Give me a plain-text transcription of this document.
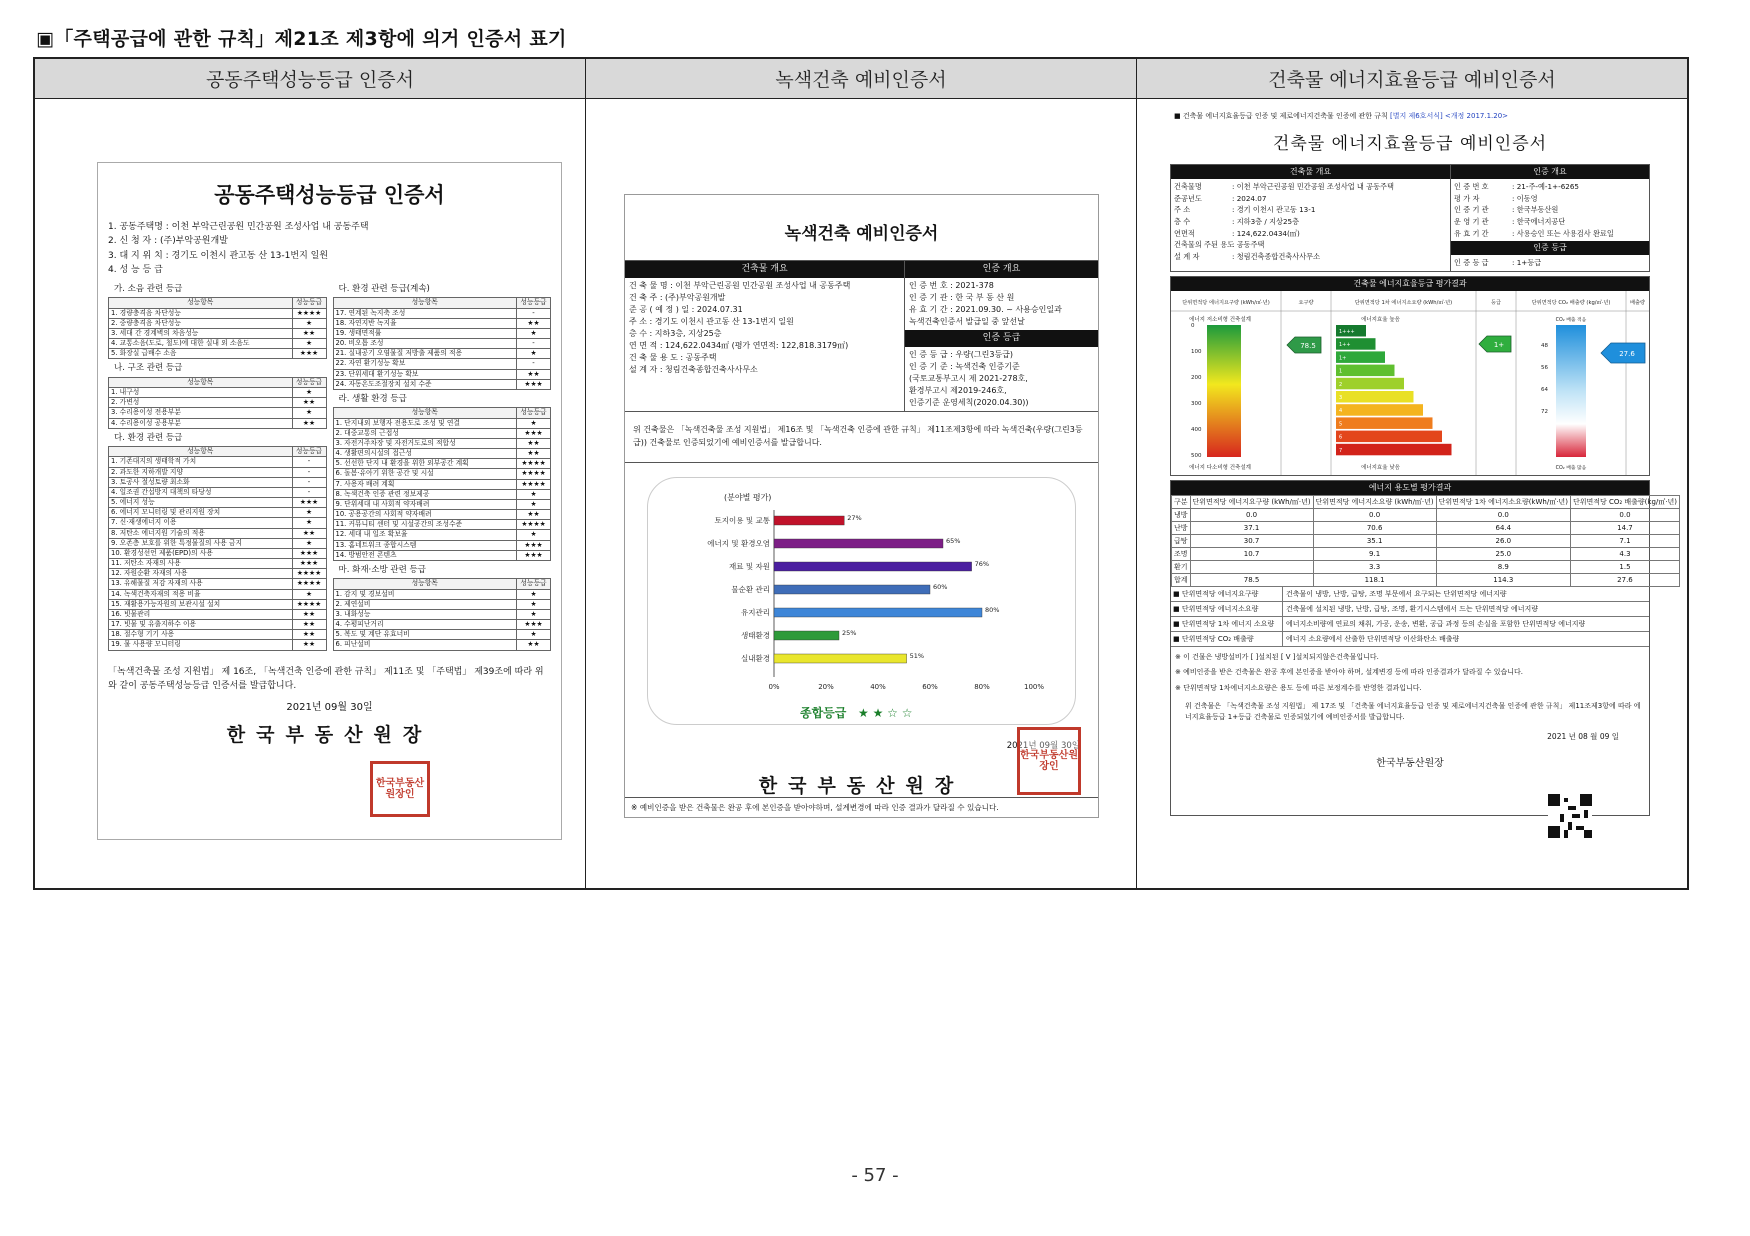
▣「주택공급에 관한 규칙」제21조 제3항에 의거 인증서 표기
공동주택성능등급 인증서	녹색건축 예비인증서	건축물 에너지효율등급 예비인증서
공동주택성능등급 인증서
1. 공동주택명 : 이천 부악근린공원 민간공원 조성사업 내 공동주택
2. 신 청 자 : (주)부악공원개발
3. 대 지 위 치 : 경기도 이천시 관고동 산 13-1번지 일원
4. 성 능 등 급
가. 소음 관련 등급
성능항목	성능등급
1. 경량충격음 차단성능	★★★★
2. 중량충격음 차단성능	★
3. 세대 간 경계벽의 차음성능	★★
4. 교통소음(도로, 철도)에 대한 실내 외 소음도	★
5. 화장실 급배수 소음	★★★
나. 구조 관련 등급
성능항목	성능등급
1. 내구성	★
2. 가변성	★★
3. 수리용이성 전용부분	★
4. 수리용이성 공용부분	★★
다. 환경 관련 등급
성능항목	성능등급
1. 기존대지의 생태학적 가치	-
2. 과도한 지하개발 지양	-
3. 토공사 절성토량 최소화	-
4. 일조권 간섭방지 대책의 타당성	-
5. 에너지 성능	★★★
6. 에너지 모니터링 및 관리지원 장치	★
7. 신·재생에너지 이용	★
8. 저탄소 에너지원 기술의 적용	★★
9. 오존층 보호를 위한 특정물질의 사용 금지	★
10. 환경성선언 제품(EPD)의 사용	★★★
11. 저탄소 자재의 사용	★★★
12. 자원순환 자재의 사용	★★★★
13. 유해물질 저감 자재의 사용	★★★★
14. 녹색건축자재의 적용 비율	★
15. 재활용가능자원의 보관시설 설치	★★★★
16. 빗물관리	★★
17. 빗물 및 유출지하수 이용	★★
18. 절수형 기기 사용	★★
19. 물 사용량 모니터링	★★
다. 환경 관련 등급(계속)
성능항목	성능등급
17. 연계된 녹지축 조성	-
18. 자연지반 녹지율	★★
19. 생태면적률	★
20. 비오톱 조성	-
21. 실내공기 오염물질 저방출 제품의 적용	★
22. 자연 환기성능 확보	-
23. 단위세대 환기성능 확보	★★
24. 자동온도조절장치 설치 수준	★★★
라. 생활 환경 등급
성능항목	성능등급
1. 단지내외 보행자 전용도로 조성 및 연결	★
2. 대중교통의 근접성	★★★
3. 자전거주차장 및 자전거도로의 적합성	★★
4. 생활편의시설의 접근성	★★
5. 선선한 단지 내 환경을 위한 외부공간 계획	★★★★
6. 돌봄·유아기 위한 공간 및 시설	★★★★
7. 사용자 배려 계획	★★★★
8. 녹색건축 인증 관련 정보제공	★
9. 단위세대 내 사회적 약자배려	★
10. 공용공간의 사회적 약자배려	★★
11. 커뮤니티 센터 및 시설공간의 조성수준	★★★★
12. 세대 내 일조 확보율	★
13. 홈네트워크 종합시스템	★★★
14. 방범안전 콘텐츠	★★★
마. 화재·소방 관련 등급
성능항목	성능등급
1. 감지 및 경보설비	★
2. 제연설비	★
3. 내화성능	★
4. 수평피난거리	★★★
5. 복도 및 계단 유효너비	★
6. 피난설비	★★
「녹색건축물 조성 지원법」 제 16조, 「녹색건축 인증에 관한 규칙」 제11조 및 「주택법」 제39조에 따라 위와 같이 공동주택성능등급 인증서를 발급합니다.
2021년 09월 30일
한국부동산원장
한국부동산원장인
녹색건축 예비인증서
건축물 개요
건 축 물 명 : 이천 부악근린공원 민간공원 조성사업 내 공동주택
건 축 주 : (주)부악공원개발
준 공 ( 예 정 ) 일 : 2024.07.31
주 소 : 경기도 이천시 관고동 산 13-1번지 일원
층 수 : 지하3층, 지상25층
연 면 적 : 124,622.0434㎡ (평가 연면적: 122,818.3179㎡)
건 축 물 용 도 : 공동주택
설 계 자 : 청림건축종합건축사사무소
인증 개요
인 증 번 호 : 2021-378
인 증 기 관 : 한 국 부 동 산 원
유 효 기 간 : 2021.09.30. ~ 사용승인일과
녹색건축인증서 발급일 중 앞선날
인증 등급
인 증 등 급 : 우량(그린3등급)
인 증 기 준 : 녹색건축 인증기준
(국토교통부고시 제 2021-278호,
환경부고시 제2019-246호,
인증기준 운영세칙(2020.04.30))
위 건축물은 「녹색건축물 조성 지원법」 제16조 및 「녹색건축 인증에 관한 규칙」 제11조제3항에 따라 녹색건축(우량(그린3등급)) 건축물로 인증되었기에 예비인증서를 발급합니다.
(분야별 평가)
0%	20%	40%	60%	80%	100%
토지이용 및 교통	27%
에너지 및 환경오염	65%
재료 및 자원	76%
물순환 관리	60%
유지관리	80%
생태환경	25%
실내환경	51%
종합등급 ★ ★ ☆ ☆
2021년 09월 30일
한국부동산원장
한국부동산원장인
※ 예비인증을 받은 건축물은 완공 후에 본인증을 받아야하며, 설계변경에 따라 인증 결과가 달라질 수 있습니다.
■ 건축물 에너지효율등급 인증 및 제로에너지건축물 인증에 관한 규칙 [별지 제6호서식] <개정 2017.1.20>
건축물 에너지효율등급 예비인증서
건축물 개요
건축물명	: 이천 부악근린공원 민간공원 조성사업 내 공동주택
준공년도	: 2024.07
주 소	: 경기 이천시 관고동 13-1
층 수	: 지하3층 / 지상25층
연면적	: 124,622.0434(㎡)
건축물의 주된 용도
: 공동주택
설 계 자	: 청림건축종합건축사사무소
인증 개요
인 증 번 호	: 21-주-예-1+-6265
평 가 자	: 이동영
인 증 기 관	: 한국부동산원
운 영 기 관	: 한국에너지공단
유 효 기 간	: 사용승인 또는 사용검사 완료일
인증 등급
인 증 등 급	: 1+등급
건축물 에너지효율등급 평가결과
단위면적당 에너지요구량 (kWh/㎡·년)	요구량	단위면적당 1차 에너지소요량 (kWh/㎡·년)	등급	단위면적당 CO₂ 배출량 (kg/㎡·년)	배출량
에너지 저소비형 건축설계
0
100
200
300
400
500
에너지 다소비형 건축설계
78.5
에너지효율 높음
1+++
1++
1+
1
2
3
4
5
6
7
에너지효율 낮음
1+
CO₂ 배출 적음
48
56
64
72
CO₂ 배출 많음
27.6
에너지 용도별 평가결과
구분	단위면적당 에너지요구량 (kWh/㎡·년)	단위면적당 에너지소요량 (kWh/㎡·년)	단위면적당 1차 에너지소요량(kWh/㎡·년)	단위면적당 CO₂ 배출량(kg/㎡·년)
냉방	0.0	0.0	0.0	0.0
난방	37.1	70.6	64.4	14.7
급탕	30.7	35.1	26.0	7.1
조명	10.7	9.1	25.0	4.3
환기		3.3	8.9	1.5
합계	78.5	118.1	114.3	27.6
■ 단위면적당 에너지요구량	건축물이 냉방, 난방, 급탕, 조명 부문에서 요구되는 단위면적당 에너지량
■ 단위면적당 에너지소요량	건축물에 설치된 냉방, 난방, 급탕, 조명, 환기시스템에서 드는 단위면적당 에너지량
■ 단위면적당 1차 에너지 소요량	에너지소비량에 연료의 채취, 가공, 운송, 변환, 공급 과정 등의 손실을 포함한 단위면적당 에너지량
■ 단위면적당 CO₂ 배출량	에너지 소요량에서 산출한 단위면적당 이산화탄소 배출량
※ 이 건물은 냉방설비가 [ ]설치된 [ V ]설치되지않은건축물입니다.
※ 예비인증을 받은 건축물은 완공 후에 본인증을 받아야 하며, 설계변경 등에 따라 인증결과가 달라질 수 있습니다.
※ 단위면적당 1차에너지소요량은 용도 등에 따른 보정계수를 반영한 결과입니다.
위 건축물은 「녹색건축물 조성 지원법」 제 17조 및 「건축물 에너지효율등급 인증 및 제로에너지건축물 인증에 관한 규칙」 제11조제3항에 따라 에너지효율등급 1+등급 건축물로 인증되었기에 예비인증서를 발급합니다.
2021 년 08 월 09 일
한국부동산원장
- 57 -
